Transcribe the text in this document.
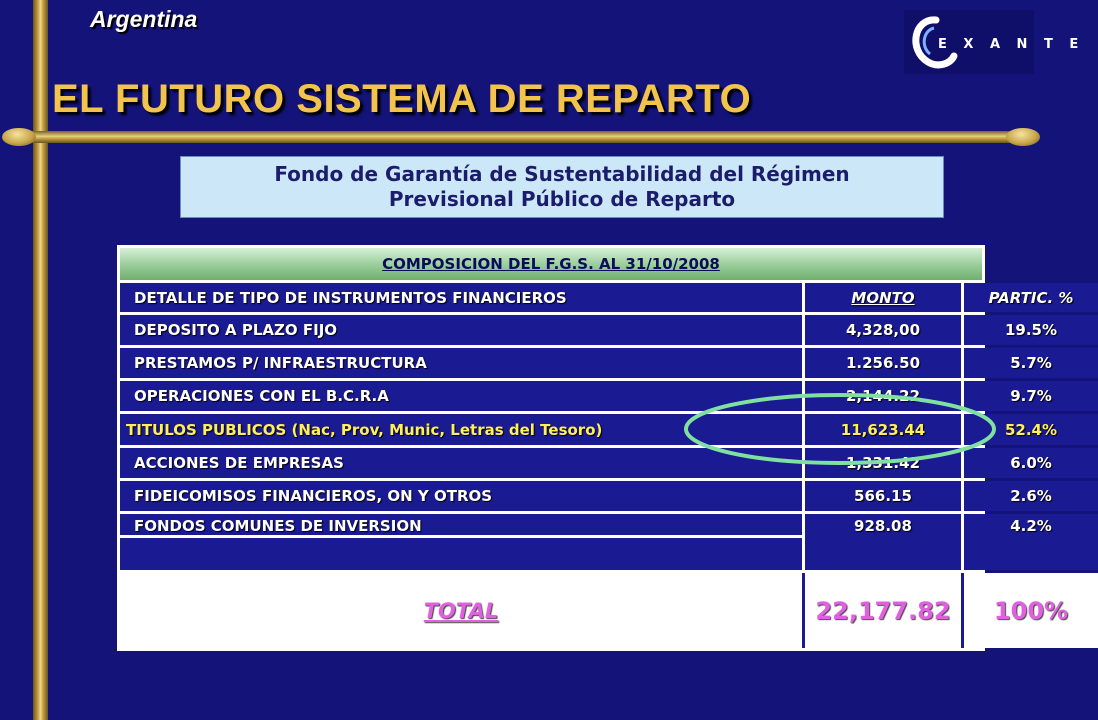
Argentina
E X A N T E
EL FUTURO SISTEMA DE REPARTO
Fondo de Garantía de Sustentabilidad del Régimen
Previsional Público de Reparto
COMPOSICION DEL F.G.S. AL 31/10/2008
DETALLE DE TIPO DE INSTRUMENTOS FINANCIEROS	MONTO	PARTIC. %
DEPOSITO A PLAZO FIJO	4,328,00	19.5%
PRESTAMOS P/ INFRAESTRUCTURA	1.256.50	5.7%
OPERACIONES CON EL B.C.R.A	2,144.22	9.7%
TITULOS PUBLICOS (Nac, Prov, Munic, Letras del Tesoro)	11,623.44	52.4%
ACCIONES DE EMPRESAS	1,331.42	6.0%
FIDEICOMISOS FINANCIEROS, ON Y OTROS	566.15	2.6%
FONDOS COMUNES DE INVERSION	928.08	4.2%
TOTAL	22,177.82	100%
